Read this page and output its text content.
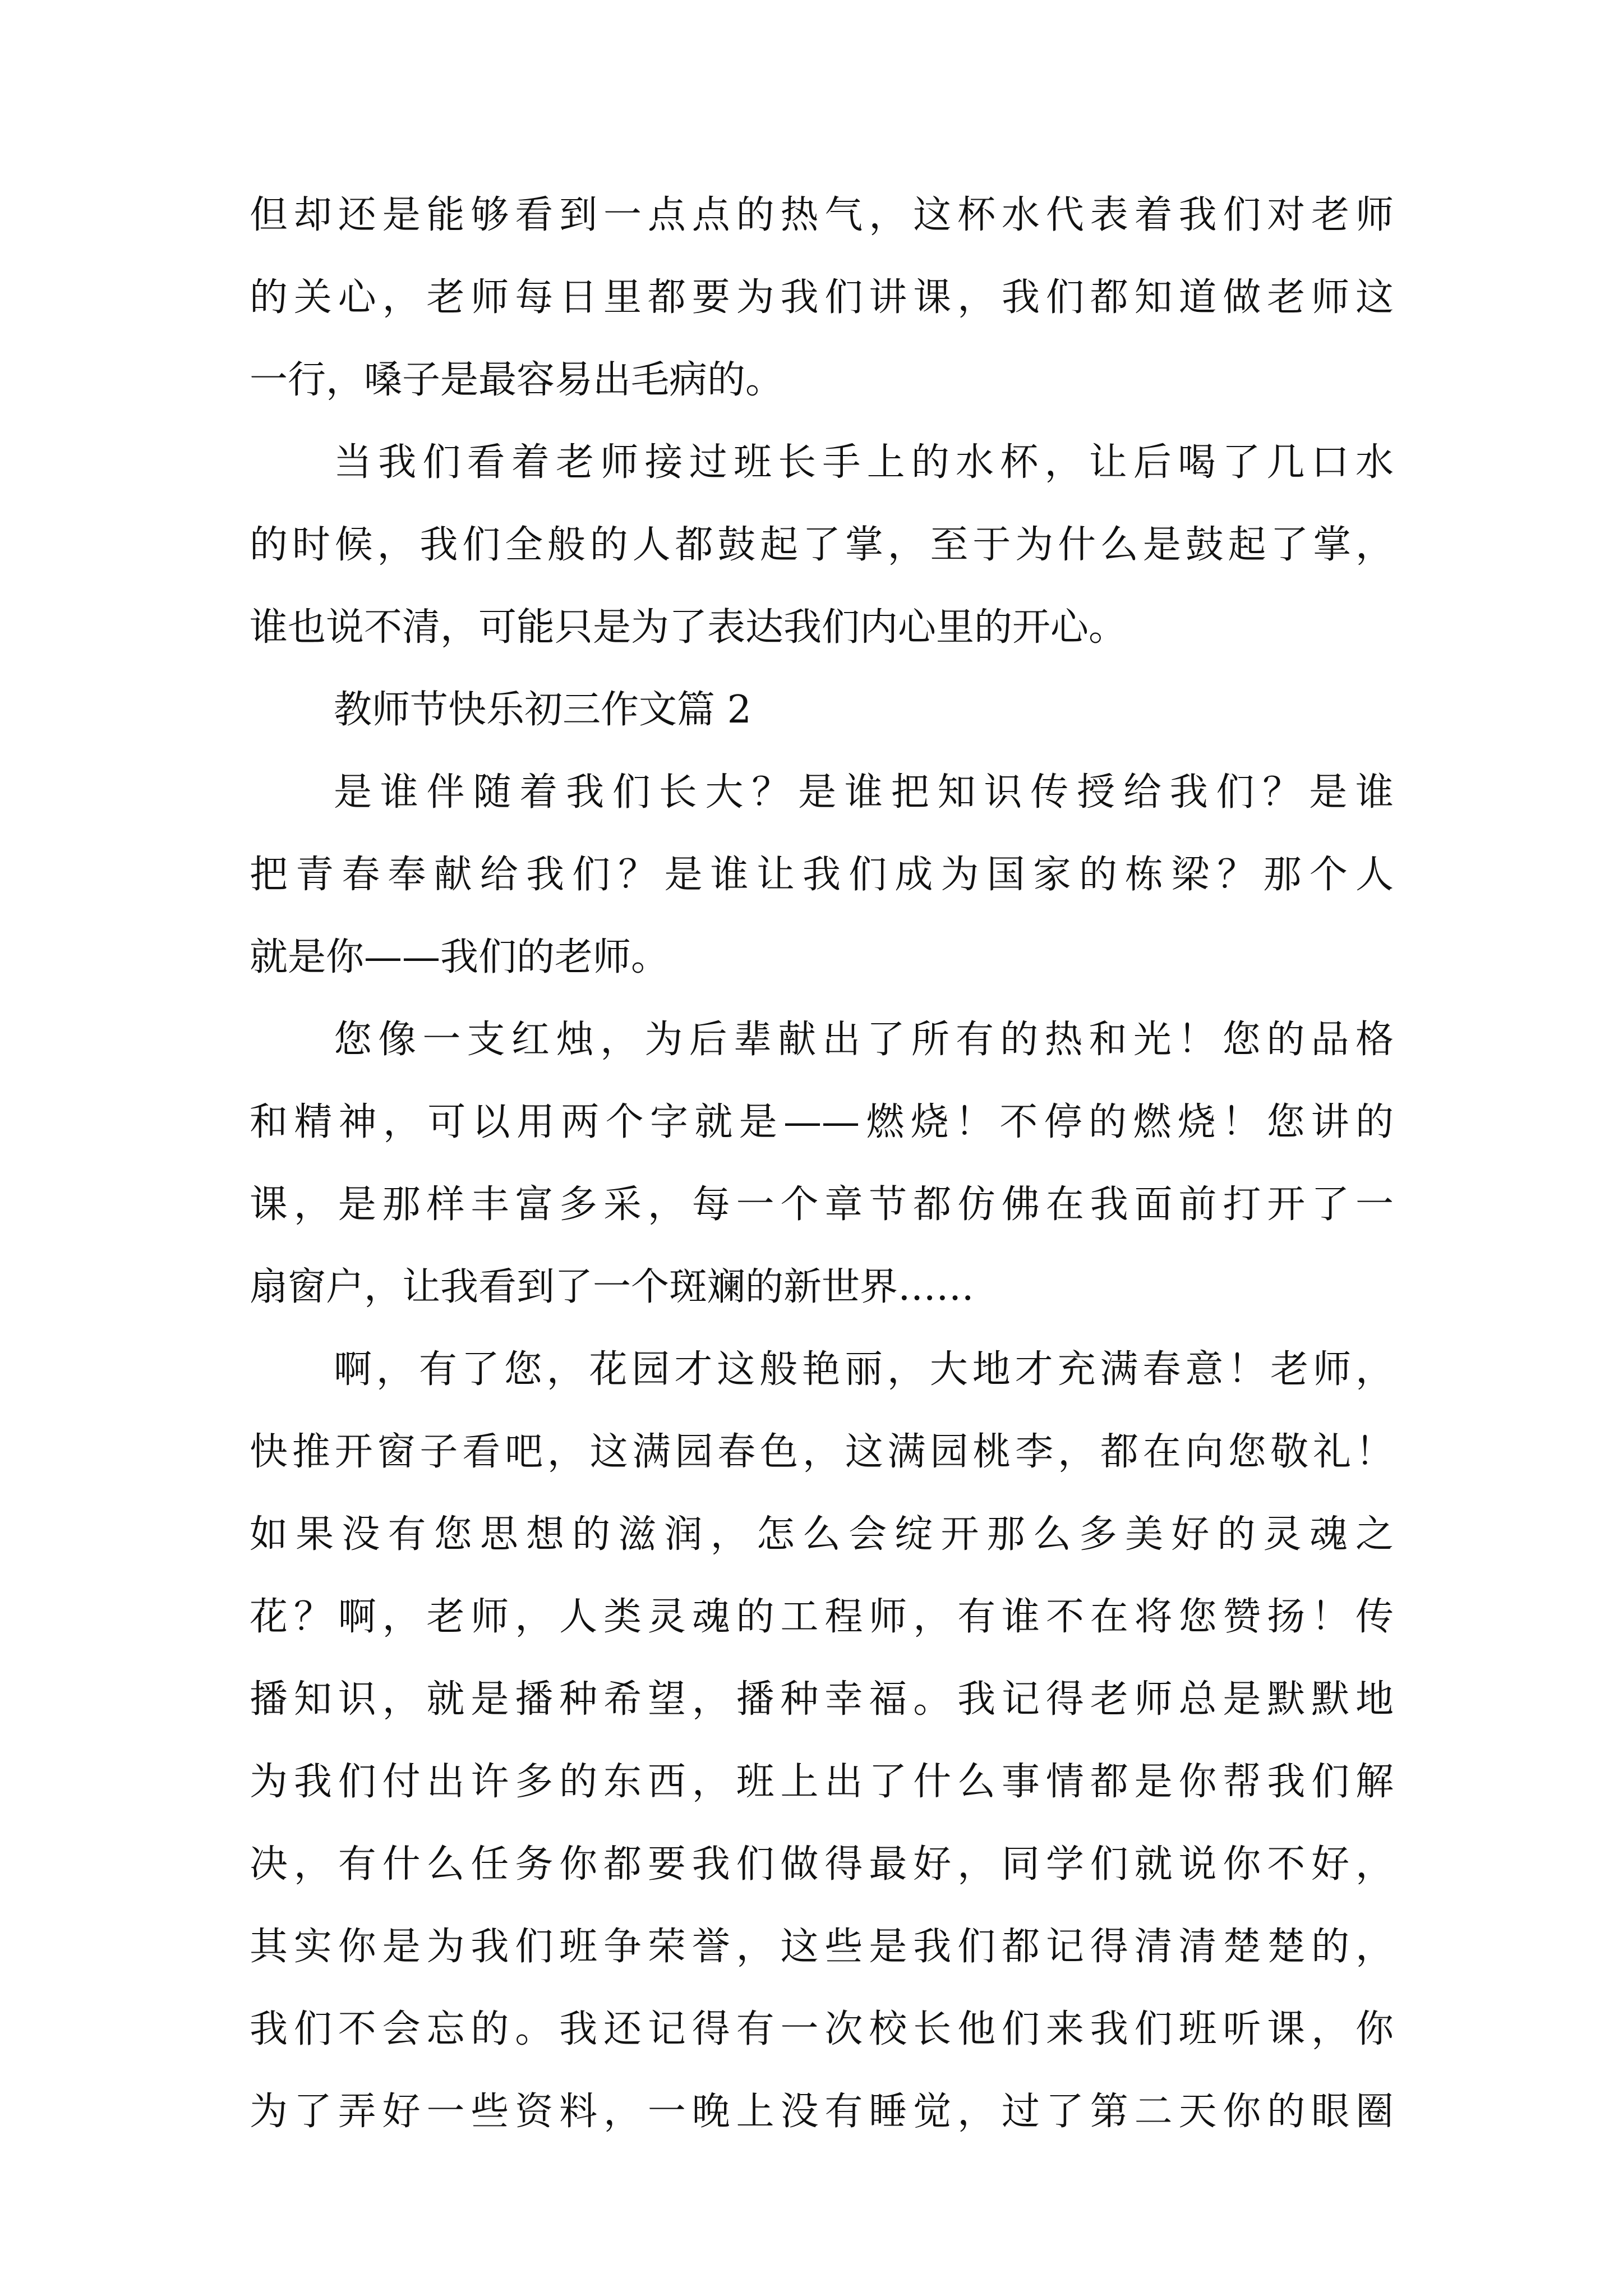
但却还是能够看到一点点的热气，这杯水代表着我们对老师
的关心，老师每日里都要为我们讲课，我们都知道做老师这
一行，嗓子是最容易出毛病的。
当我们看着老师接过班长手上的水杯，让后喝了几口水
的时候，我们全般的人都鼓起了掌，至于为什么是鼓起了掌，
谁也说不清，可能只是为了表达我们内心里的开心。
教师节快乐初三作文篇 2
是谁伴随着我们长大？是谁把知识传授给我们？是谁
把青春奉献给我们？是谁让我们成为国家的栋梁？那个人
就是你——我们的老师。
您像一支红烛，为后辈献出了所有的热和光！您的品格
和精神，可以用两个字就是——燃烧！不停的燃烧！您讲的
课，是那样丰富多采，每一个章节都仿佛在我面前打开了一
扇窗户，让我看到了一个斑斓的新世界……
啊，有了您，花园才这般艳丽，大地才充满春意！老师，
快推开窗子看吧，这满园春色，这满园桃李，都在向您敬礼！
如果没有您思想的滋润，怎么会绽开那么多美好的灵魂之
花？啊，老师，人类灵魂的工程师，有谁不在将您赞扬！传
播知识，就是播种希望，播种幸福。我记得老师总是默默地
为我们付出许多的东西，班上出了什么事情都是你帮我们解
决，有什么任务你都要我们做得最好，同学们就说你不好，
其实你是为我们班争荣誉，这些是我们都记得清清楚楚的，
我们不会忘的。我还记得有一次校长他们来我们班听课，你
为了弄好一些资料，一晚上没有睡觉，过了第二天你的眼圈
